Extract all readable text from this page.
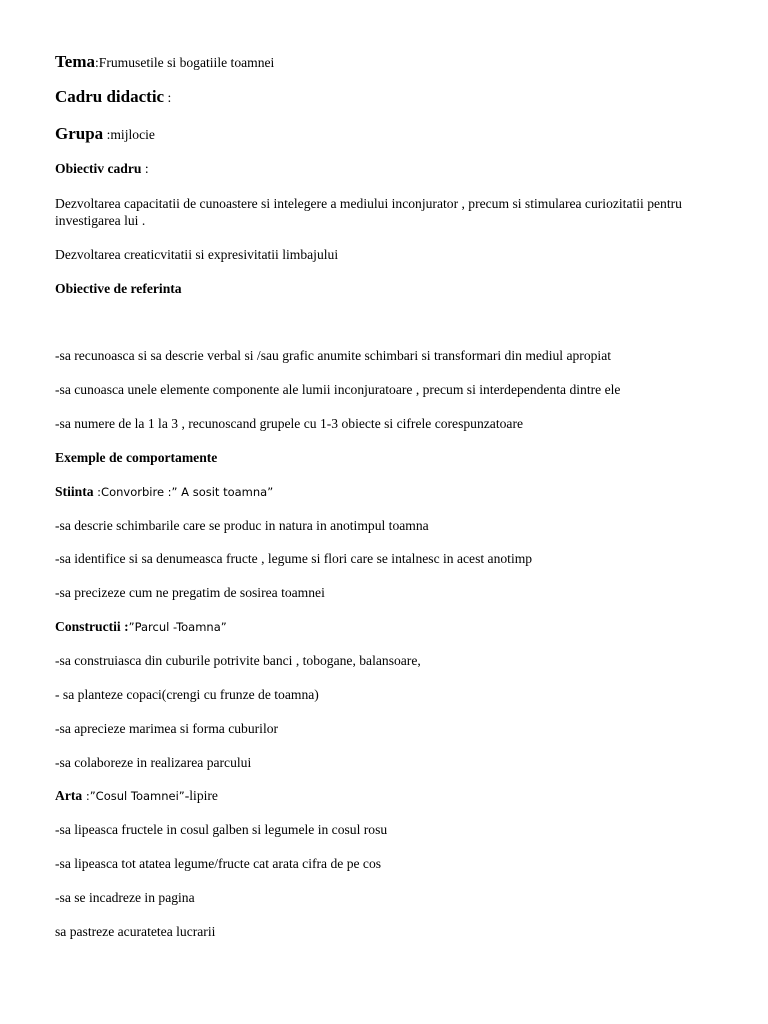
Tema:Frumusetile si bogatiile toamnei
Cadru didactic :
Grupa :mijlocie
Obiectiv cadru :
Dezvoltarea capacitatii de cunoastere si intelegere a mediului inconjurator , precum si stimularea curiozitatii pentru investigarea lui .
Dezvoltarea creaticvitatii si expresivitatii limbajului
Obiective de referinta
-sa recunoasca si sa descrie verbal si /sau grafic anumite schimbari si transformari din mediul apropiat
-sa cunoasca unele elemente componente ale lumii inconjuratoare , precum si interdependenta dintre ele
-sa numere de la 1 la 3 , recunoscand grupele cu 1-3 obiecte si cifrele corespunzatoare
Exemple de comportamente
Stiinta :Convorbire :” A sosit toamna”
-sa descrie schimbarile care se produc in natura in anotimpul toamna
-sa identifice si sa denumeasca fructe , legume si flori care se intalnesc in acest anotimp
-sa precizeze cum ne pregatim de sosirea toamnei
Constructii :”Parcul -Toamna”
-sa construiasca din cuburile potrivite banci , tobogane, balansoare,
- sa planteze copaci(crengi cu frunze de toamna)
-sa aprecieze marimea si forma cuburilor
-sa colaboreze in realizarea parcului
Arta :”Cosul Toamnei”-lipire
-sa lipeasca fructele in cosul galben si legumele in cosul rosu
-sa lipeasca tot atatea legume/fructe cat arata cifra de pe cos
-sa se incadreze in pagina
sa pastreze acuratetea lucrarii
